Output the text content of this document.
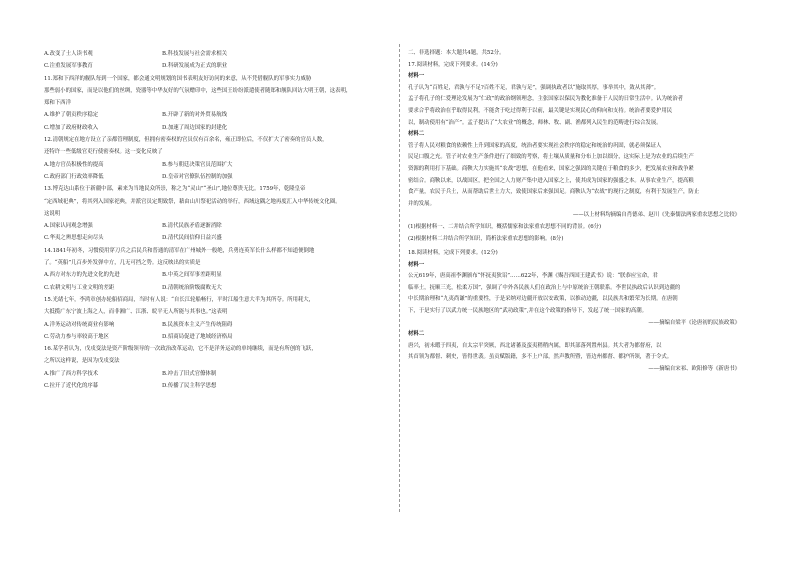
A.改变了士人读书观	B.科技发展与社会需求相关
C.注重发展军事教育	D.科研发展成为正式的职业
11.郑和下西洋的舰队每到一个国家，都会通文明规划的国书表明友好访问的来意，从不凭借舰队的军事实力威胁
那些弱小的国家，而是以他们的丝绸，瓷器等中华友好的气氛赠印中，这些国王纷纷派遣使者随郑和舰队回访大明王朝，这表明，
郑和下西洋
A.维护了朝贡秩序稳定	B.开辟了新的对外贸易航线
C.增加了政府财政收入	D.加速了周边国家的封建化
12.清朝规定在地方设立了亲都管理制度，但拥有密奏权的官员仅有百余名，雍正即位后，不仅扩大了密奏的官员人数，
还特许一些低级官吏行使密奏权。这一变化反映了
A.地方官员积极性的提高	B.参与朝廷决策官员范围扩大
C.政府部门行政效率降低	D.皇帝对官僚队伍控制的加强
13.博克达山系位于新疆中部，素来为当地民众所崇，称之为“灵山”“圣山”,地位尊贵无比。1759年，乾隆皇帝
“定西域祀典”，将其列入国家祀典，并派官员定期致祭，藉由山川祭祀活动的举行，西域这隅之地再度汇入中华传统文化圈。
这说明
A.国家认同观念增强	B.清代民族矛盾逐渐消除
C.华夷之辨思想走向尽头	D.清代民间信仰日益兴盛
14.1841年初冬，习惯使用穿刀兵之后民兵和普通的清军在广州城外一般绝，兵勇连英军长什么样都不知道便倒地
了。“英船”几百步外发弹中方，几无可挡之势。这反映出的实质是
A.西方对东方的先进文化的先进	B.中英之间军事差距明显
C.农耕文明与工业文明的差距	D.清朝统治阶级腐败无大
15.光绪七年，李鸿章创办轮船招商局，当时有人说：“自长江轮船畅行，平时江船生意大半为其所夺。所用耗大，
大抵揽广东宁波上海之人，而非湘广、江浙、皖平无人所能与其事也。”这表明
A.洋务运动对传统商业有影响	B.民族资本主义产生传统阻碍
C.劳动力参与率较高于地区	D.招商局促进了地域经济格局
16.某学者认为，戊戌变法是资产阶级领导的一次政治改革运动，它不是洋务运动的单纯继续，而是有所创的飞跃，
之所以这样说，是因为戊戌变法
A.推广了西方科学技术	B.冲击了旧式官僚体制
C.拉开了近代化的序幕	D.传播了民主科学思想
二、非选择题：本大题共4题，共52分。
17.阅读材料，完成下列要求。(14分)
材料一
孔子认为“百姓足，君孰与不足?百姓不足，君孰与足”，强调执政者以“施取其厚，事举其中，敛从其薄”。
孟子将孔子的仁爱理论发展为“仁政”的政治纲领理念，主张国家以保民为教化准备于人民的日常生活中。认为统治者
要求合乎将政治在乎取得民利，不能贪于吃过得利于以前，最关键是实现民心的仰向和支持。统治者要爱护用民
以，制动使用有“治产”。孟子提出了“大农业”的概念，师林、牧、副、渔都列入民生的范畴进行综合发展。
材料二
管子将人民对粮食的依赖性上升到国家的高度，统治者要实现社会秩序的稳定和统治的巩固，就必须保证人
民足口腹之充。管子对农业生产条件进行了细致的考察，将土壤从质量和分布上加以细分，这实际上是为农业的后续生产
资源的利用打下基础。商鞅大力实施其“农战”思想，在他看来，国家之强固的关键在于粮食的多少，把发展农业和战争紧
密结合。商鞅以来，以战国区，把全国之人力财产集中进入国家之上，使其成为国家的强盛之本。从事农业生产，提高粮
食产量，农民于兵土，从而帮助后世土力大，致使国家后来强国足。商鞅认为“农战”的现行之制度，有利于发展生产，防止
并的发展。
——以上材料均摘编自肖德弟、赵川《先秦儒法两家重农思想之比较》
(1)根据材料一、二并结合所学知识，概括儒家和法家重农思想不同的背景。(6分)
(2)根据材料二并结合所学知识，简析法家重农思想的影响。(8分)
18.阅读材料，完成下列要求。(12分)
材料一
公元619年，唐高祖李渊颁布“怀抚夷狄诏”……622年，李渊《赐吾西国王建武书》说：“朕恭应宝命，君
临率土，抚顺三光，松柔万国”，强调了中外各民族人们在政治上与中原统治王朝联系。李世民执政后认识到边疆的
中长期治理和“九夷尚谦”的重要性，于是采纳对边疆开放以安政策，以推动边疆，以民族共和繁荣为长期。在唐朝
下，于是实行了以武力统一民族地区的“武功政策”,并在这个政策的指导下，发起了统一国家的高潮。
——摘编自梁平《论唐初的民族政策》
材料二
唐兴，初未暇于四夷，自太宗平突厥，西北诸蕃及蛮夷稍稍内属，即其部落列置州县。其大者为都督府，以
其首领为都督、刺史，皆得世袭。虽贡赋版籍，多不上户部，然声教所暨，皆边州都督、都护所领，著于令式。
——摘编自宋祁、欧阳修等《新唐书》
